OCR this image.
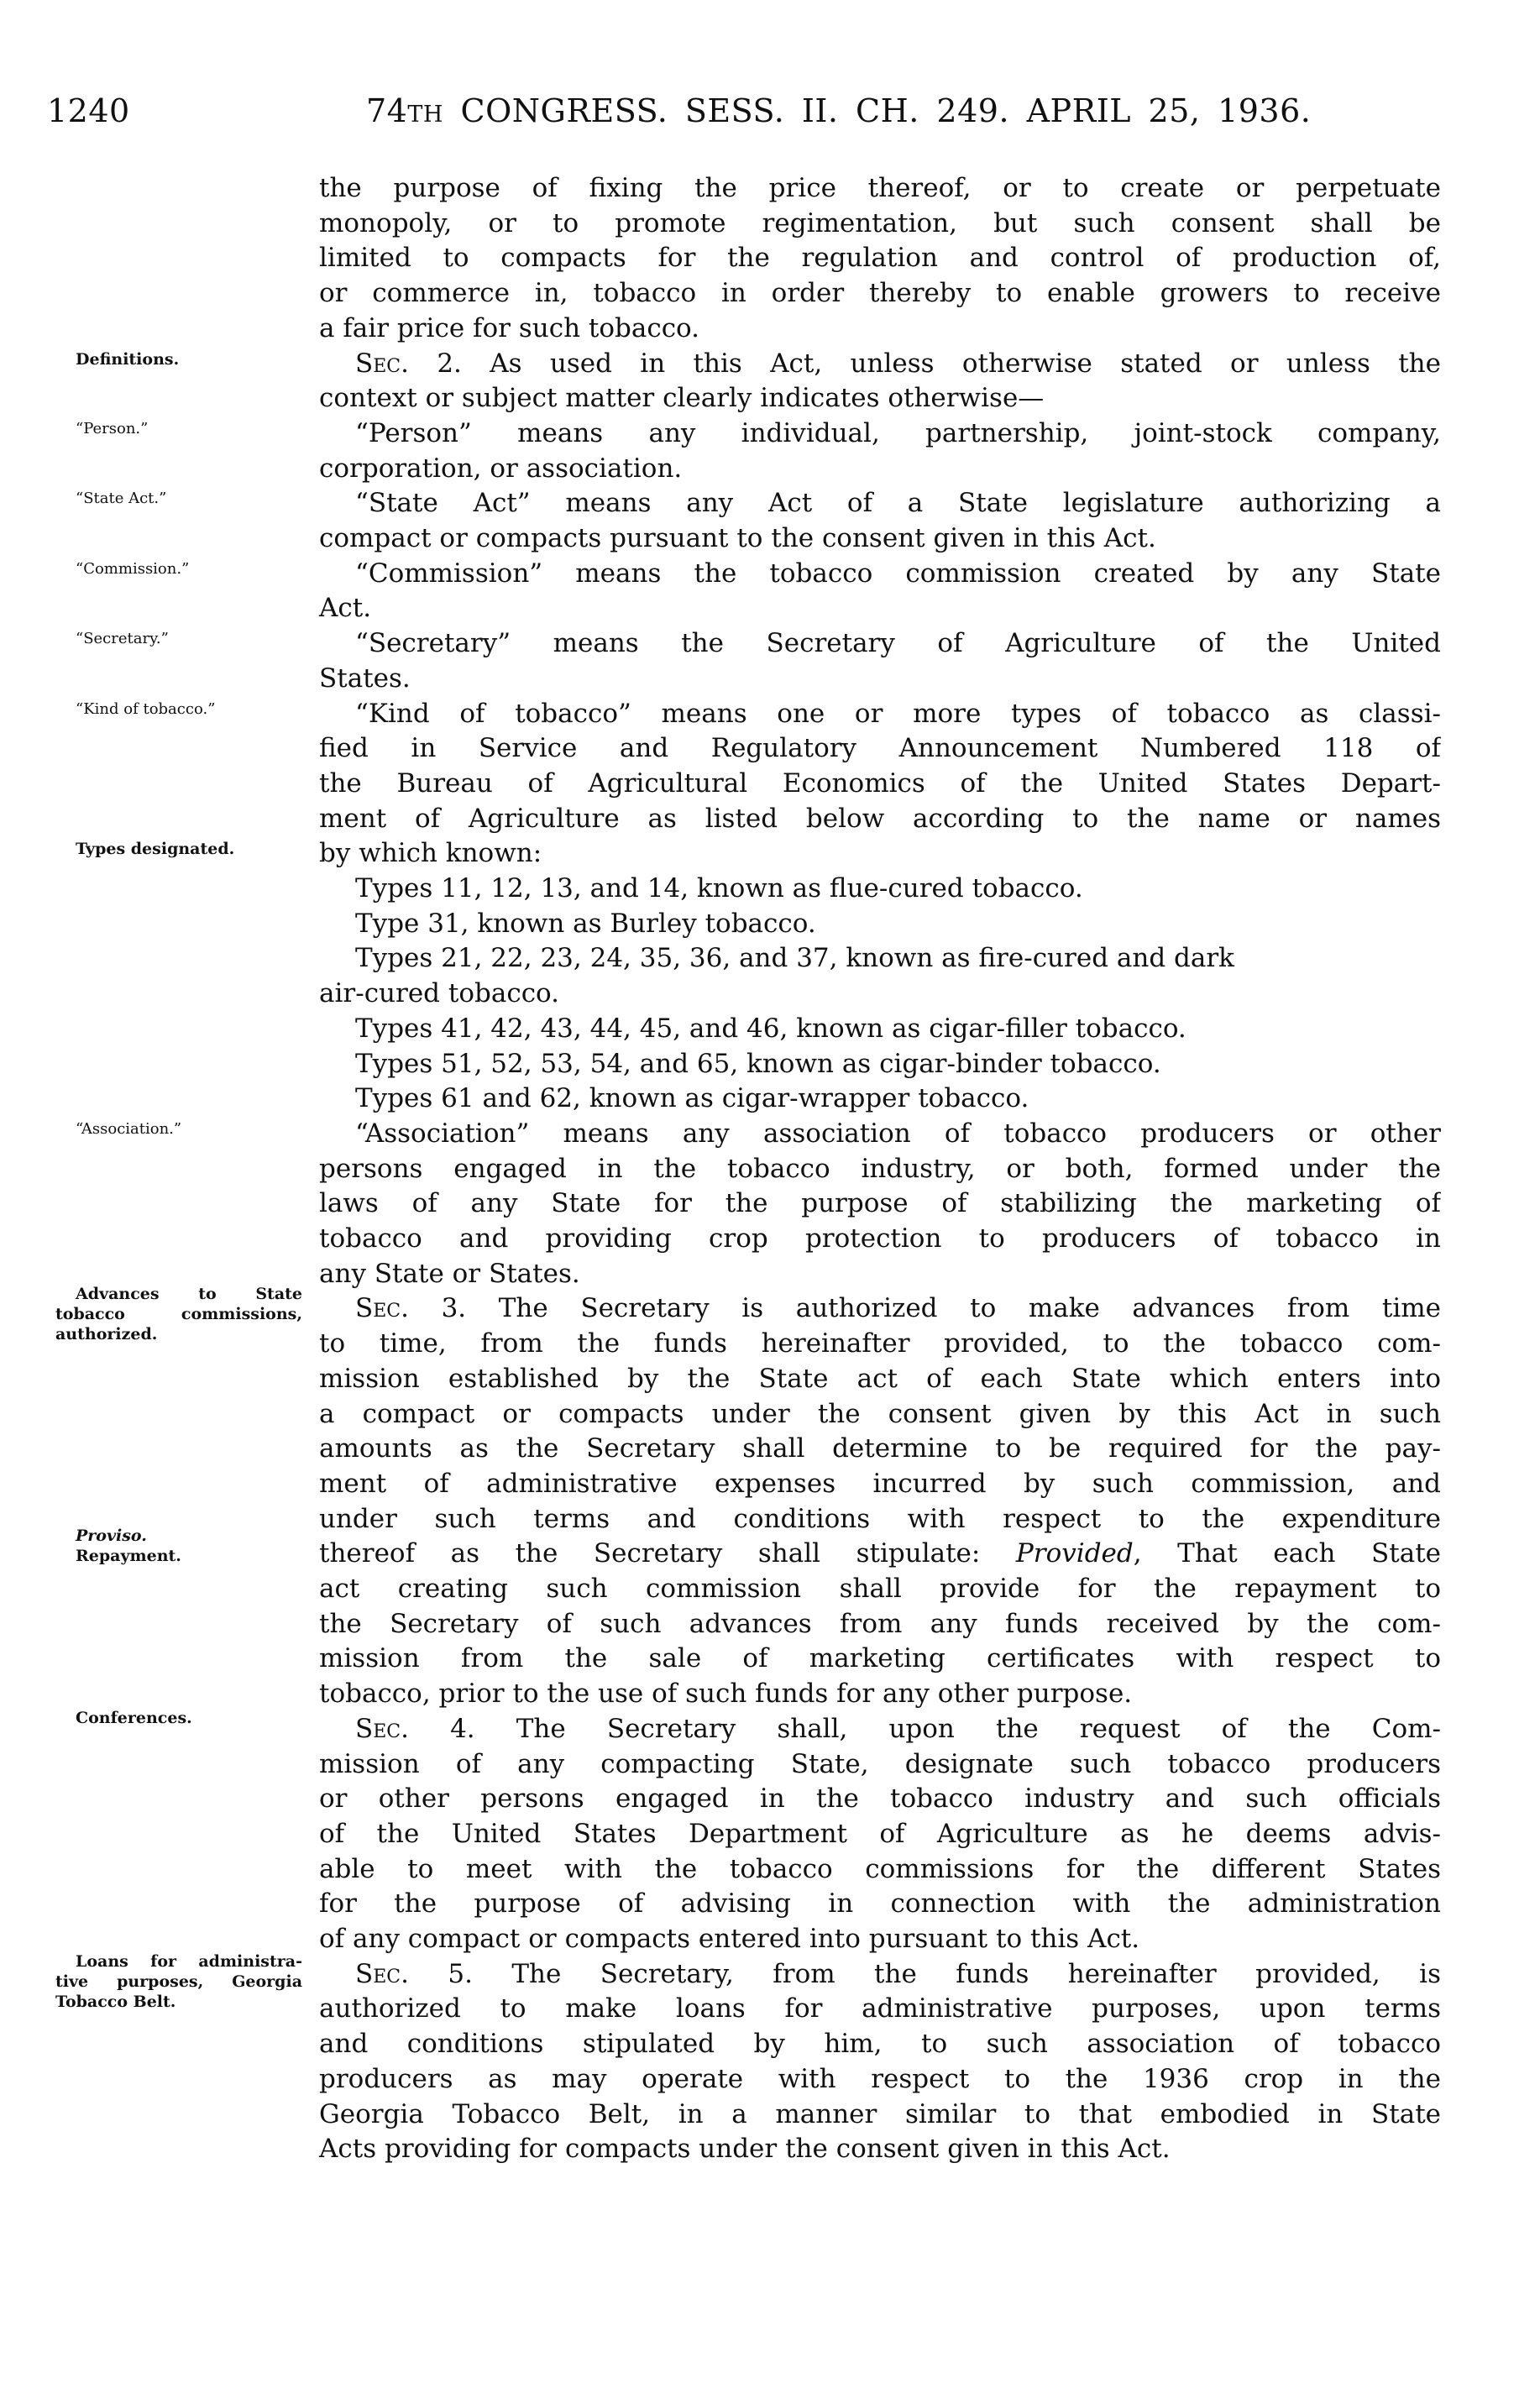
1240	74th CONGRESS. SESS. II. CH. 249. APRIL 25, 1936.
the purpose of fixing the price thereof, or to create or perpetuate
monopoly, or to promote regimentation, but such consent shall be
limited to compacts for the regulation and control of production of,
or commerce in, tobacco in order thereby to enable growers to receive
a fair price for such tobacco.
Sec. 2. As used in this Act, unless otherwise stated or unless the
context or subject matter clearly indicates otherwise—
“Person” means any individual, partnership, joint-stock company,
corporation, or association.
“State Act” means any Act of a State legislature authorizing a
compact or compacts pursuant to the consent given in this Act.
“Commission” means the tobacco commission created by any State
Act.
“Secretary” means the Secretary of Agriculture of the United
States.
“Kind of tobacco” means one or more types of tobacco as classi-
fied in Service and Regulatory Announcement Numbered 118 of
the Bureau of Agricultural Economics of the United States Depart-
ment of Agriculture as listed below according to the name or names
by which known:
Types 11, 12, 13, and 14, known as flue-cured tobacco.
Type 31, known as Burley tobacco.
Types 21, 22, 23, 24, 35, 36, and 37, known as fire-cured and dark
air-cured tobacco.
Types 41, 42, 43, 44, 45, and 46, known as cigar-filler tobacco.
Types 51, 52, 53, 54, and 65, known as cigar-binder tobacco.
Types 61 and 62, known as cigar-wrapper tobacco.
“Association” means any association of tobacco producers or other
persons engaged in the tobacco industry, or both, formed under the
laws of any State for the purpose of stabilizing the marketing of
tobacco and providing crop protection to producers of tobacco in
any State or States.
Sec. 3. The Secretary is authorized to make advances from time
to time, from the funds hereinafter provided, to the tobacco com-
mission established by the State act of each State which enters into
a compact or compacts under the consent given by this Act in such
amounts as the Secretary shall determine to be required for the pay-
ment of administrative expenses incurred by such commission, and
under such terms and conditions with respect to the expenditure
thereof as the Secretary shall stipulate: Provided, That each State
act creating such commission shall provide for the repayment to
the Secretary of such advances from any funds received by the com-
mission from the sale of marketing certificates with respect to
tobacco, prior to the use of such funds for any other purpose.
Sec. 4. The Secretary shall, upon the request of the Com-
mission of any compacting State, designate such tobacco producers
or other persons engaged in the tobacco industry and such officials
of the United States Department of Agriculture as he deems advis-
able to meet with the tobacco commissions for the different States
for the purpose of advising in connection with the administration
of any compact or compacts entered into pursuant to this Act.
Sec. 5. The Secretary, from the funds hereinafter provided, is
authorized to make loans for administrative purposes, upon terms
and conditions stipulated by him, to such association of tobacco
producers as may operate with respect to the 1936 crop in the
Georgia Tobacco Belt, in a manner similar to that embodied in State
Acts providing for compacts under the consent given in this Act.
Definitions.
“Person.”
“State Act.”
“Commission.”
“Secretary.”
“Kind of tobacco.”
Types designated.
“Association.”
Advances to State
tobacco commissions,
authorized.
Proviso.
Repayment.
Conferences.
Loans for administra-
tive purposes, Georgia
Tobacco Belt.
